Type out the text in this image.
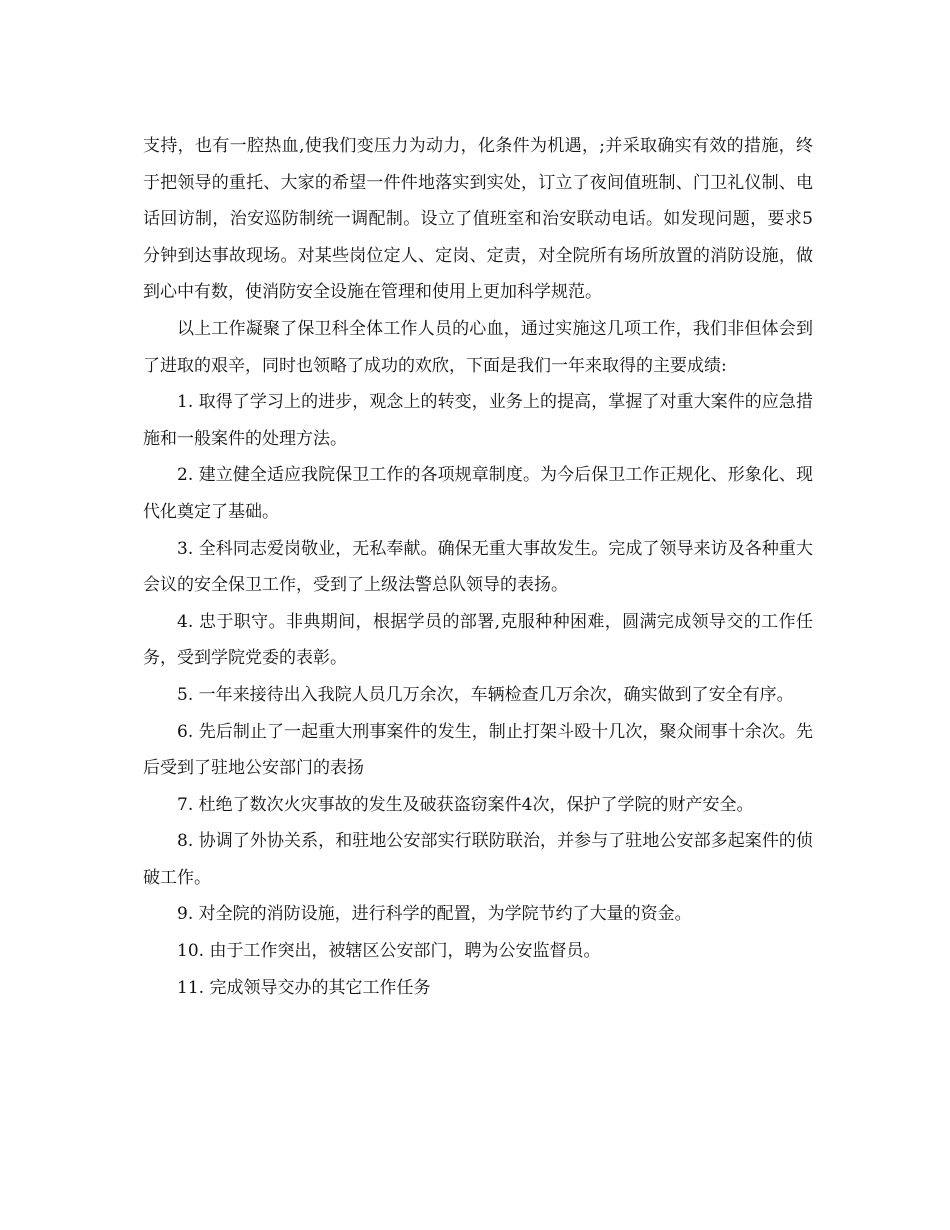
支持，也有一腔热血,使我们变压力为动力，化条件为机遇，;并采取确实有效的措施，终于把领导的重托、大家的希望一件件地落实到实处，订立了夜间值班制、门卫礼仪制、电话回访制，治安巡防制统一调配制。设立了值班室和治安联动电话。如发现问题，要求5分钟到达事故现场。对某些岗位定人、定岗、定责，对全院所有场所放置的消防设施，做到心中有数，使消防安全设施在管理和使用上更加科学规范。

以上工作凝聚了保卫科全体工作人员的心血，通过实施这几项工作，我们非但体会到了进取的艰辛，同时也领略了成功的欢欣，下面是我们一年来取得的主要成绩:

1. 取得了学习上的进步，观念上的转变，业务上的提高，掌握了对重大案件的应急措施和一般案件的处理方法。

2. 建立健全适应我院保卫工作的各项规章制度。为今后保卫工作正规化、形象化、现代化奠定了基础。

3. 全科同志爱岗敬业，无私奉献。确保无重大事故发生。完成了领导来访及各种重大会议的安全保卫工作，受到了上级法警总队领导的表扬。

4. 忠于职守。非典期间，根据学员的部署,克服种种困难，圆满完成领导交的工作任务，受到学院党委的表彰。

5. 一年来接待出入我院人员几万余次，车辆检查几万余次，确实做到了安全有序。

6. 先后制止了一起重大刑事案件的发生，制止打架斗殴十几次，聚众闹事十余次。先后受到了驻地公安部门的表扬

7. 杜绝了数次火灾事故的发生及破获盗窃案件4次，保护了学院的财产安全。

8. 协调了外协关系，和驻地公安部实行联防联治，并参与了驻地公安部多起案件的侦破工作。

9. 对全院的消防设施，进行科学的配置，为学院节约了大量的资金。

10. 由于工作突出，被辖区公安部门，聘为公安监督员。

11. 完成领导交办的其它工作任务
